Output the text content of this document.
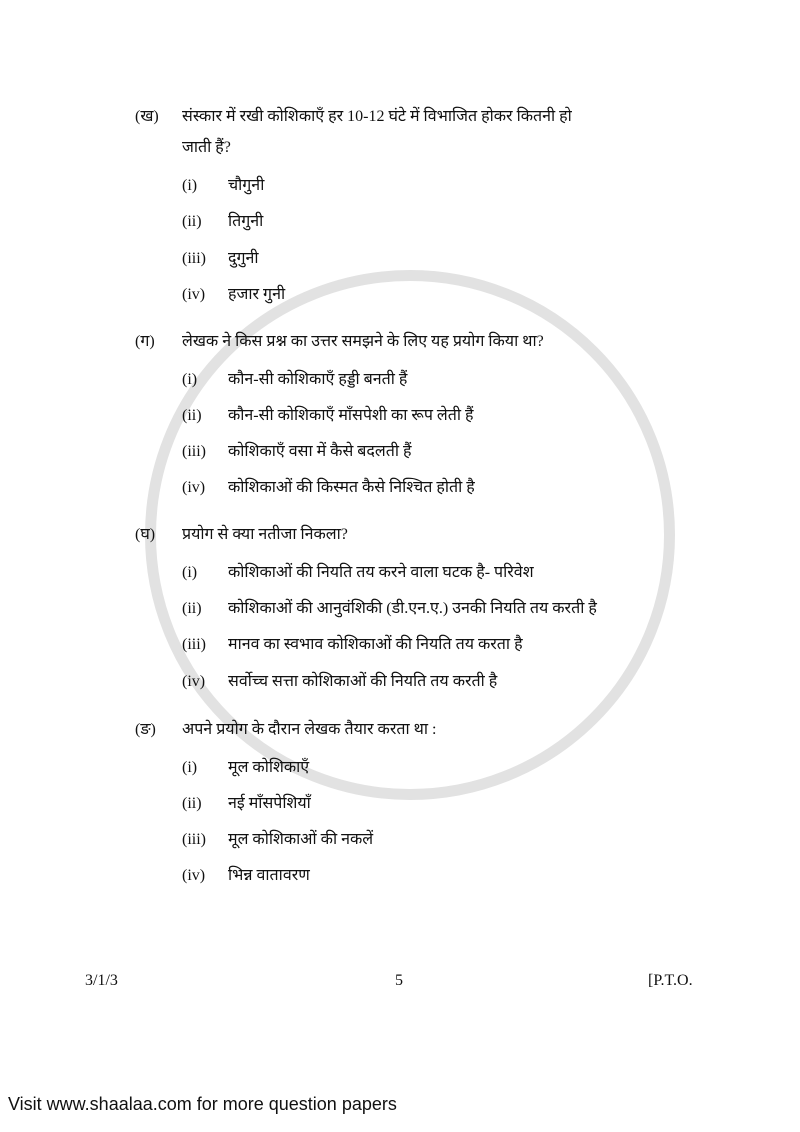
(ख) संस्कार में रखी कोशिकाएँ हर 10-12 घंटे में विभाजित होकर कितनी हो
जाती हैं?
(i) चौगुनी
(ii) तिगुनी
(iii) दुगुनी
(iv) हजार गुनी
(ग) लेखक ने किस प्रश्न का उत्तर समझने के लिए यह प्रयोग किया था?
(i) कौन-सी कोशिकाएँ हड्डी बनती हैं
(ii) कौन-सी कोशिकाएँ माँसपेशी का रूप लेती हैं
(iii) कोशिकाएँ वसा में कैसे बदलती हैं
(iv) कोशिकाओं की किस्मत कैसे निश्चित होती है
(घ) प्रयोग से क्या नतीजा निकला?
(i) कोशिकाओं की नियति तय करने वाला घटक है- परिवेश
(ii) कोशिकाओं की आनुवंशिकी (डी.एन.ए.) उनकी नियति तय करती है
(iii) मानव का स्वभाव कोशिकाओं की नियति तय करता है
(iv) सर्वोच्च सत्ता कोशिकाओं की नियति तय करती है
(ङ) अपने प्रयोग के दौरान लेखक तैयार करता था :
(i) मूल कोशिकाएँ
(ii) नई माँसपेशियाँ
(iii) मूल कोशिकाओं की नकलें
(iv) भिन्न वातावरण
3/1/3	5	[P.T.O.
Visit www.shaalaa.com for more question papers
